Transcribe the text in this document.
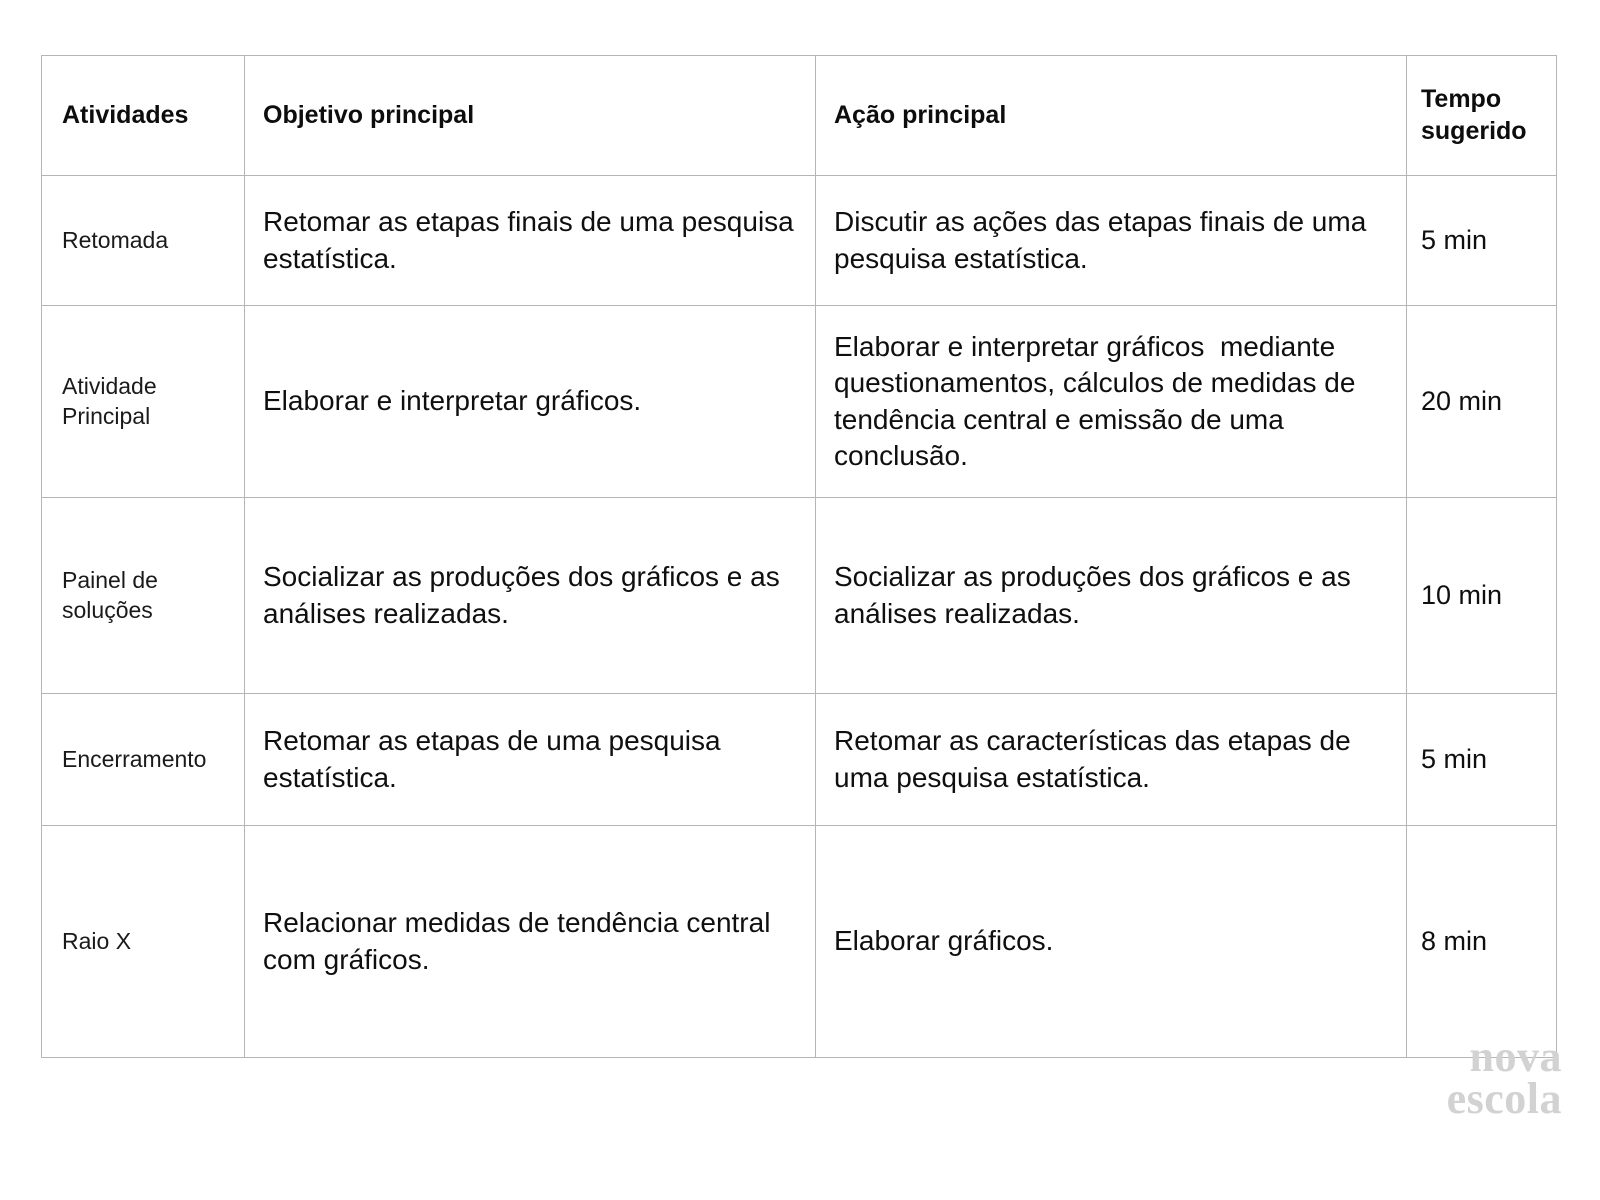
Atividades	Objetivo principal	Ação principal	Tempo sugerido

Retomada	Retomar as etapas finais de uma pesquisa estatística.	Discutir as ações das etapas finais de uma pesquisa estatística.	5 min

Atividade Principal	Elaborar e interpretar gráficos.	Elaborar e interpretar gráficos  mediante questionamentos, cálculos de medidas de tendência central e emissão de uma conclusão.	20 min

Painel de soluções	Socializar as produções dos gráficos e as análises realizadas.	Socializar as produções dos gráficos e as análises realizadas.	10 min

Encerramento	Retomar as etapas de uma pesquisa estatística.	Retomar as características das etapas de uma pesquisa estatística.	5 min

Raio X	Relacionar medidas de tendência central com gráficos.	Elaborar gráficos.	8 min
nova
escola
